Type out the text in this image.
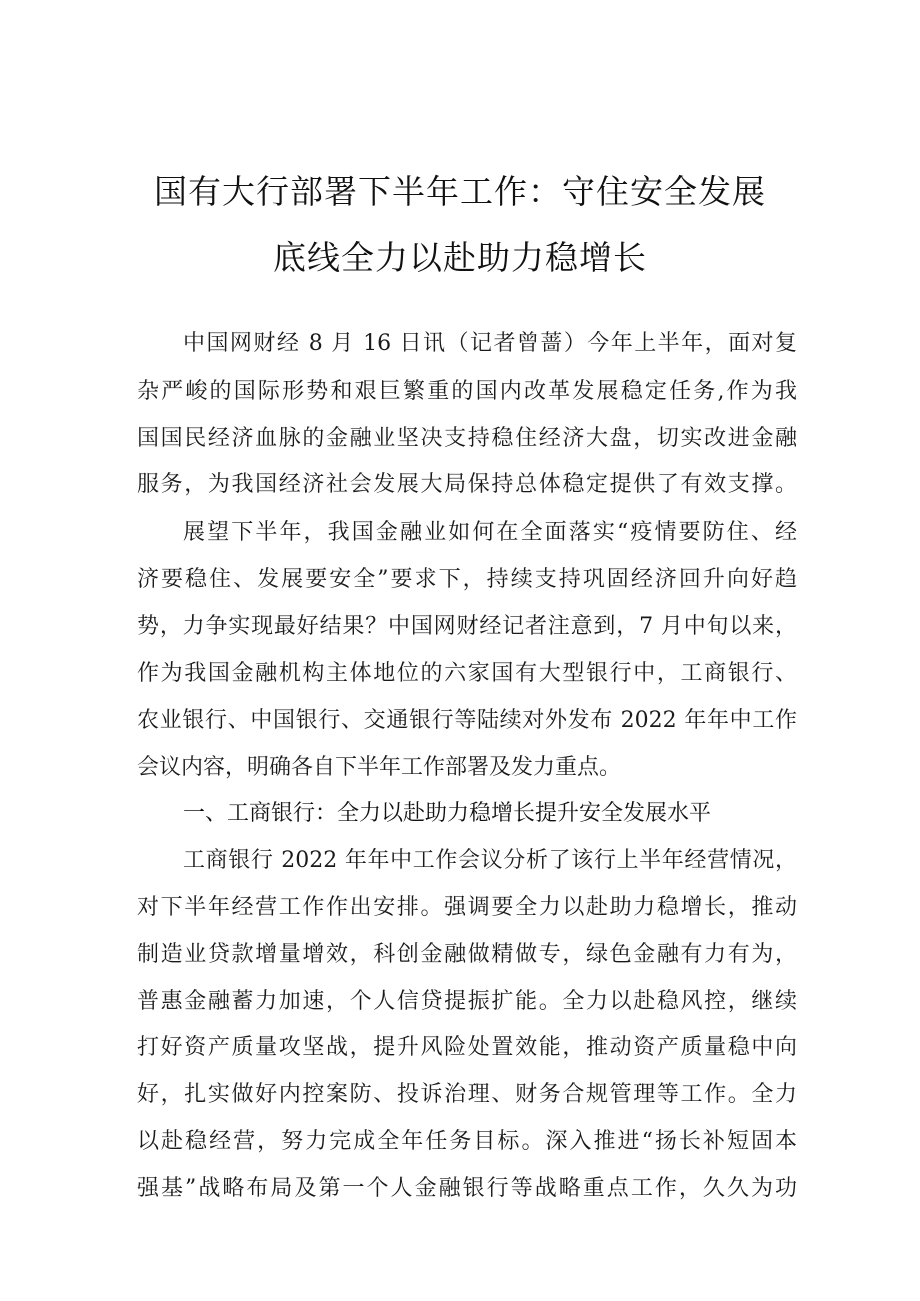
国有大行部署下半年工作：守住安全发展
底线全力以赴助力稳增长
中国网财经 8 月 16 日讯（记者曾蔷）今年上半年，面对复
杂严峻的国际形势和艰巨繁重的国内改革发展稳定任务,作为我
国国民经济血脉的金融业坚决支持稳住经济大盘，切实改进金融
服务，为我国经济社会发展大局保持总体稳定提供了有效支撑。
展望下半年，我国金融业如何在全面落实“疫情要防住、经
济要稳住、发展要安全”要求下，持续支持巩固经济回升向好趋
势，力争实现最好结果？中国网财经记者注意到，7 月中旬以来，
作为我国金融机构主体地位的六家国有大型银行中，工商银行、
农业银行、中国银行、交通银行等陆续对外发布 2022 年年中工作
会议内容，明确各自下半年工作部署及发力重点。
一、工商银行：全力以赴助力稳增长提升安全发展水平
工商银行 2022 年年中工作会议分析了该行上半年经营情况，
对下半年经营工作作出安排。强调要全力以赴助力稳增长，推动
制造业贷款增量增效，科创金融做精做专，绿色金融有力有为，
普惠金融蓄力加速，个人信贷提振扩能。全力以赴稳风控，继续
打好资产质量攻坚战，提升风险处置效能，推动资产质量稳中向
好，扎实做好内控案防、投诉治理、财务合规管理等工作。全力
以赴稳经营，努力完成全年任务目标。深入推进“扬长补短固本
强基”战略布局及第一个人金融银行等战略重点工作，久久为功
